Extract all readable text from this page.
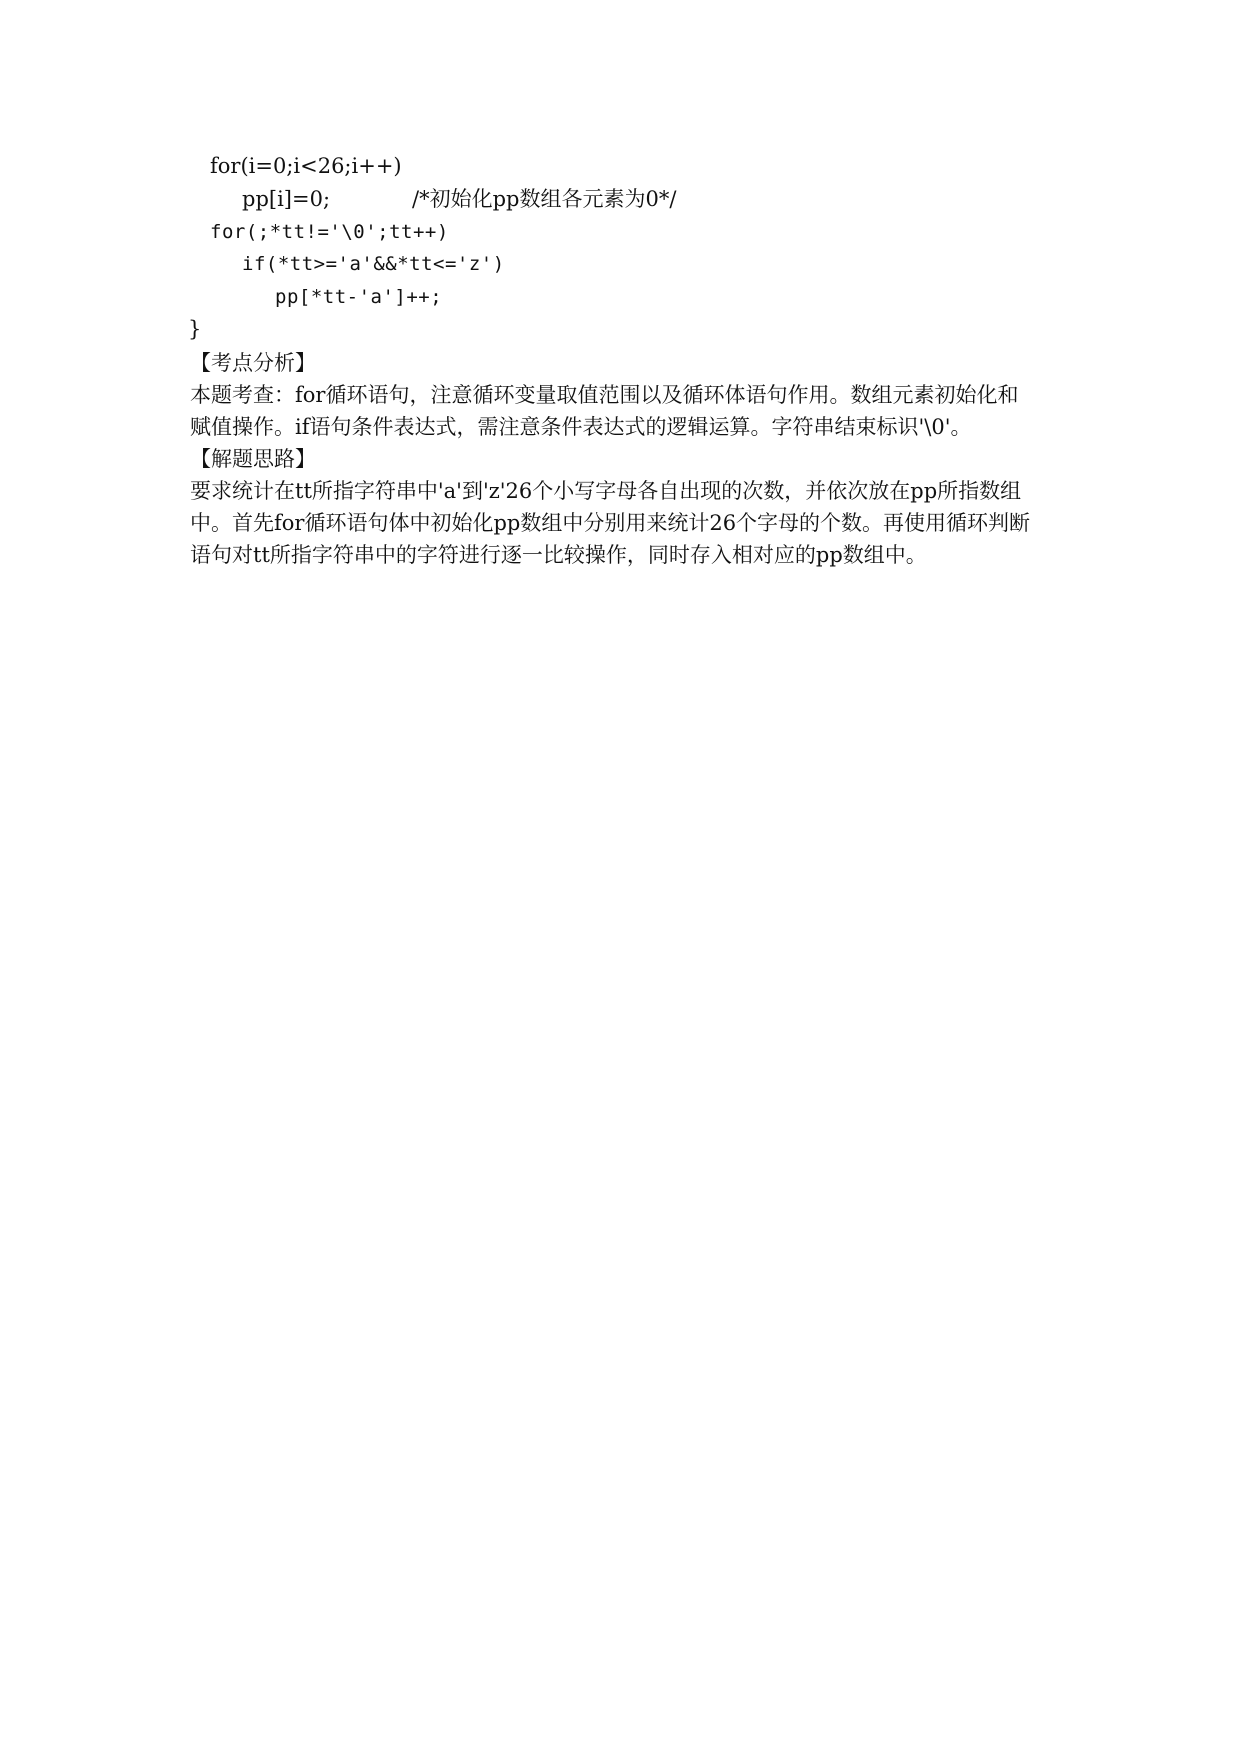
for(i=0;i<26;i++)
pp[i]=0;	/*初始化pp数组各元素为0*/
for(;*tt!='\0';tt++)
if(*tt>='a'&&*tt<='z')
pp[*tt-'a']++;
}
【考点分析】
本题考查：for循环语句，注意循环变量取值范围以及循环体语句作用。数组元素初始化和
赋值操作。if语句条件表达式，需注意条件表达式的逻辑运算。字符串结束标识'\0'。
【解题思路】
要求统计在tt所指字符串中'a'到'z'26个小写字母各自出现的次数，并依次放在pp所指数组
中。首先for循环语句体中初始化pp数组中分别用来统计26个字母的个数。再使用循环判断
语句对tt所指字符串中的字符进行逐一比较操作，同时存入相对应的pp数组中。
